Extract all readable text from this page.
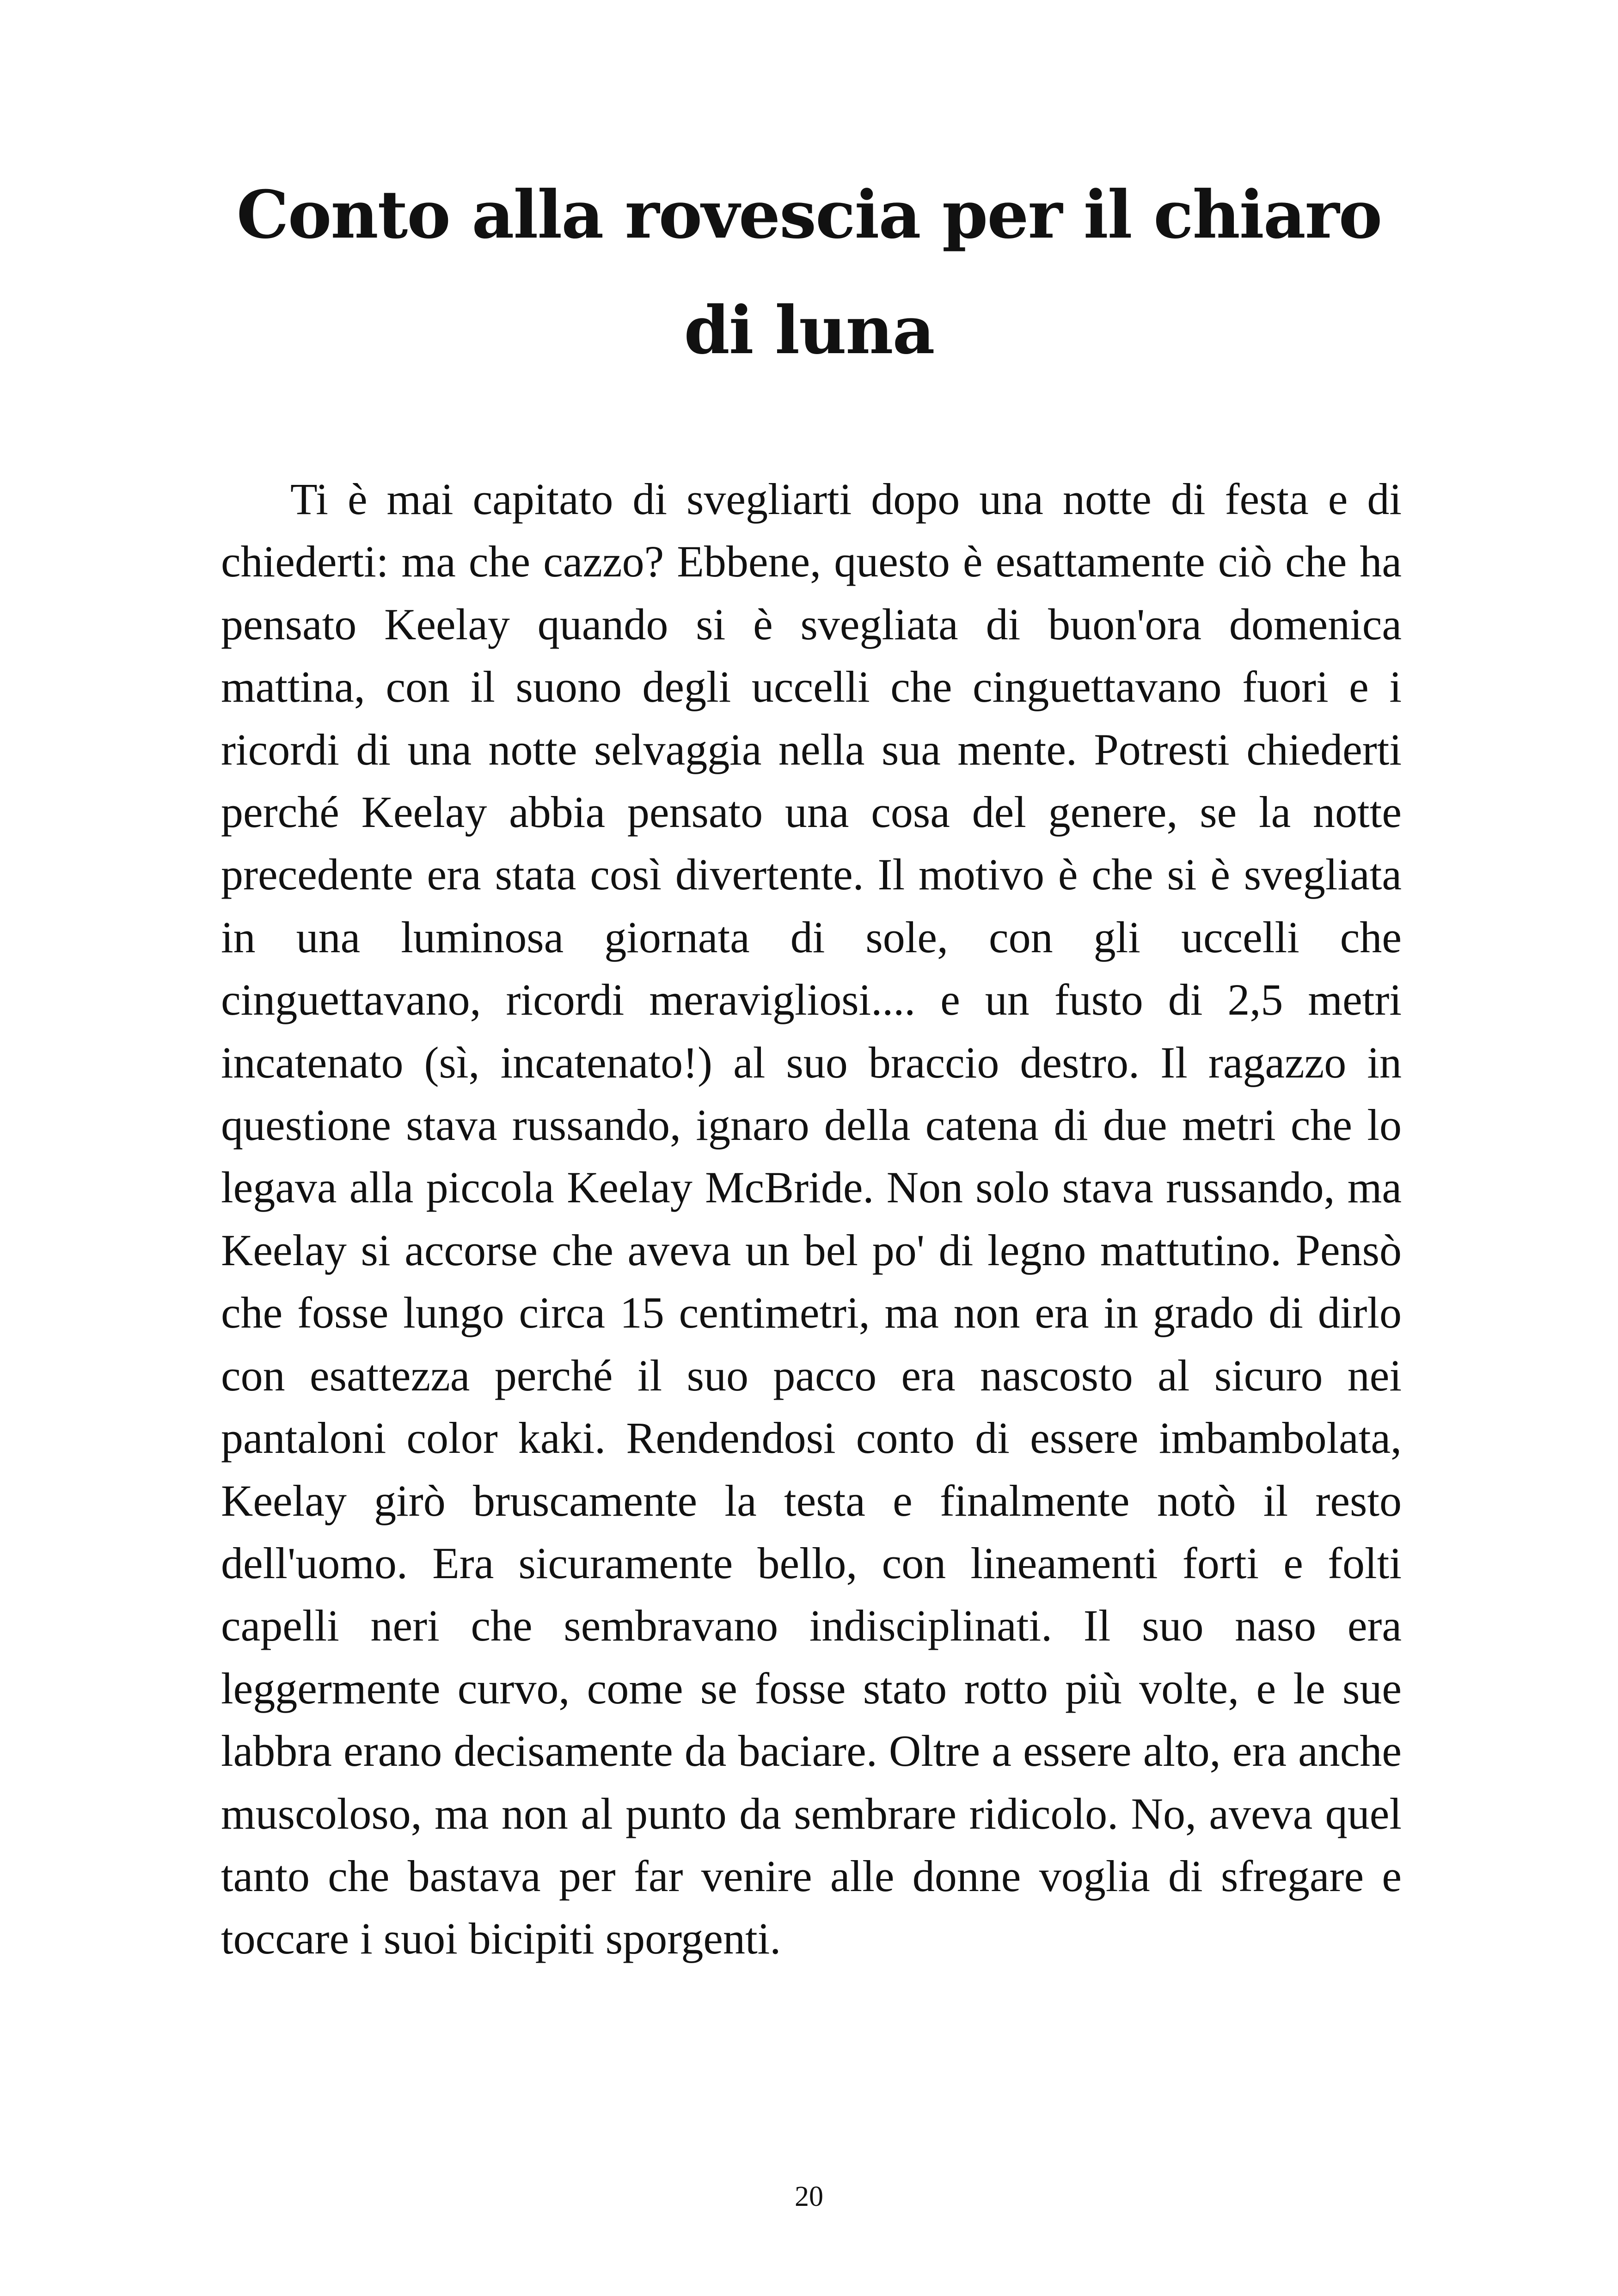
Conto alla rovescia per il chiaro di luna

Ti è mai capitato di svegliarti dopo una notte di festa e di chiederti: ma che cazzo? Ebbene, questo è esattamente ciò che ha pensato Keelay quando si è svegliata di buon'ora domenica mattina, con il suono degli uccelli che cinguettavano fuori e i ricordi di una notte selvaggia nella sua mente. Potresti chiederti perché Keelay abbia pensato una cosa del genere, se la notte precedente era stata così divertente. Il motivo è che si è svegliata in una luminosa giornata di sole, con gli uccelli che cinguettavano, ricordi meravigliosi.... e un fusto di 2,5 metri incatenato (sì, incatenato!) al suo braccio destro. Il ragazzo in questione stava russando, ignaro della catena di due metri che lo legava alla piccola Keelay McBride. Non solo stava russando, ma Keelay si accorse che aveva un bel po' di legno mattutino. Pensò che fosse lungo circa 15 centimetri, ma non era in grado di dirlo con esattezza perché il suo pacco era nascosto al sicuro nei pantaloni color kaki. Rendendosi conto di essere imbambolata, Keelay girò bruscamente la testa e finalmente notò il resto dell'uomo. Era sicuramente bello, con lineamenti forti e folti capelli neri che sembravano indisciplinati. Il suo naso era leggermente curvo, come se fosse stato rotto più volte, e le sue labbra erano decisamente da baciare. Oltre a essere alto, era anche muscoloso, ma non al punto da sembrare ridicolo. No, aveva quel tanto che bastava per far venire alle donne voglia di sfregare e toccare i suoi bicipiti sporgenti.

20
